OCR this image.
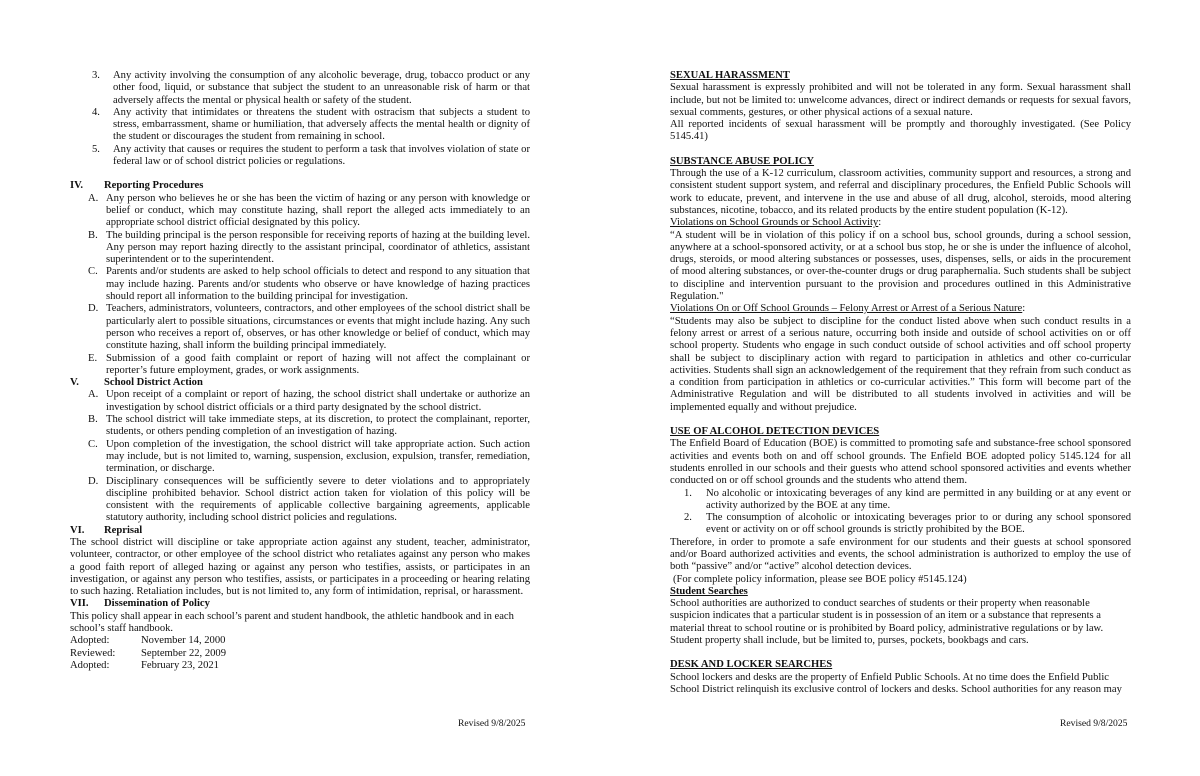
3. Any activity involving the consumption of any alcoholic beverage, drug, tobacco product or any other food, liquid, or substance that subject the student to an unreasonable risk of harm or that adversely affects the mental or physical health or safety of the student.
4. Any activity that intimidates or threatens the student with ostracism that subjects a student to stress, embarrassment, shame or humiliation, that adversely affects the mental health or dignity of the student or discourages the student from remaining in school.
5. Any activity that causes or requires the student to perform a task that involves violation of state or federal law or of school district policies or regulations.
IV. Reporting Procedures
A. Any person who believes he or she has been the victim of hazing or any person with knowledge or belief or conduct, which may constitute hazing, shall report the alleged acts immediately to an appropriate school district official designated by this policy.
B. The building principal is the person responsible for receiving reports of hazing at the building level. Any person may report hazing directly to the assistant principal, coordinator of athletics, assistant superintendent or to the superintendent.
C. Parents and/or students are asked to help school officials to detect and respond to any situation that may include hazing. Parents and/or students who observe or have knowledge of hazing practices should report all information to the building principal for investigation.
D. Teachers, administrators, volunteers, contractors, and other employees of the school district shall be particularly alert to possible situations, circumstances or events that might include hazing. Any such person who receives a report of, observes, or has other knowledge or belief of conduct, which may constitute hazing, shall inform the building principal immediately.
E. Submission of a good faith complaint or report of hazing will not affect the complainant or reporter’s future employment, grades, or work assignments.
V. School District Action
A. Upon receipt of a complaint or report of hazing, the school district shall undertake or authorize an investigation by school district officials or a third party designated by the school district.
B. The school district will take immediate steps, at its discretion, to protect the complainant, reporter, students, or others pending completion of an investigation of hazing.
C. Upon completion of the investigation, the school district will take appropriate action. Such action may include, but is not limited to, warning, suspension, exclusion, expulsion, transfer, remediation, termination, or discharge.
D. Disciplinary consequences will be sufficiently severe to deter violations and to appropriately discipline prohibited behavior. School district action taken for violation of this policy will be consistent with the requirements of applicable collective bargaining agreements, applicable statutory authority, including school district policies and regulations.
VI. Reprisal

The school district will discipline or take appropriate action against any student, teacher, administrator, volunteer, contractor, or other employee of the school district who retaliates against any person who makes a good faith report of alleged hazing or against any person who testifies, assists, or participates in an investigation, or against any person who testifies, assists, or participates in a proceeding or hearing relating to such hazing. Retaliation includes, but is not limited to, any form of intimidation, reprisal, or harassment.

VII. Dissemination of Policy

This policy shall appear in each school’s parent and student handbook, the athletic handbook and in each school’s staff handbook.

Adopted:	November 14, 2000
Reviewed:	September 22, 2009
Adopted:	February 23, 2021
Revised 9/8/2025
SEXUAL HARASSMENT

Sexual harassment is expressly prohibited and will not be tolerated in any form. Sexual harassment shall include, but not be limited to: unwelcome advances, direct or indirect demands or requests for sexual favors, sexual comments, gestures, or other physical actions of a sexual nature.

All reported incidents of sexual harassment will be promptly and thoroughly investigated. (See Policy 5145.41)

SUBSTANCE ABUSE POLICY

Through the use of a K-12 curriculum, classroom activities, community support and resources, a strong and consistent student support system, and referral and disciplinary procedures, the Enfield Public Schools will work to educate, prevent, and intervene in the use and abuse of all drug, alcohol, steroids, mood altering substances, nicotine, tobacco, and its related products by the entire student population (K-12).

Violations on School Grounds or School Activity:

“A student will be in violation of this policy if on a school bus, school grounds, during a school session, anywhere at a school-sponsored activity, or at a school bus stop, he or she is under the influence of alcohol, drugs, steroids, or mood altering substances or possesses, uses, dispenses, sells, or aids in the procurement of mood altering substances, or over-the-counter drugs or drug paraphernalia. Such students shall be subject to discipline and intervention pursuant to the provision and procedures outlined in this Administrative Regulation."

Violations On or Off School Grounds – Felony Arrest or Arrest of a Serious Nature:

“Students may also be subject to discipline for the conduct listed above when such conduct results in a felony arrest or arrest of a serious nature, occurring both inside and outside of school activities on or off school property. Students who engage in such conduct outside of school activities and off school property shall be subject to disciplinary action with regard to participation in athletics and other co-curricular activities. Students shall sign an acknowledgement of the requirement that they refrain from such conduct as a condition from participation in athletics or co-curricular activities.” This form will become part of the Administrative Regulation and will be distributed to all students involved in activities and will be implemented equally and without prejudice.

USE OF ALCOHOL DETECTION DEVICES

The Enfield Board of Education (BOE) is committed to promoting safe and substance-free school sponsored activities and events both on and off school grounds. The Enfield BOE adopted policy 5145.124 for all students enrolled in our schools and their guests who attend school sponsored activities and events whether conducted on or off school grounds and the students who attend them.

1. No alcoholic or intoxicating beverages of any kind are permitted in any building or at any event or activity authorized by the BOE at any time.
2. The consumption of alcoholic or intoxicating beverages prior to or during any school sponsored event or activity on or off school grounds is strictly prohibited by the BOE.

Therefore, in order to promote a safe environment for our students and their guests at school sponsored and/or Board authorized activities and events, the school administration is authorized to employ the use of both “passive” and/or “active” alcohol detection devices.

(For complete policy information, please see BOE policy #5145.124)

Student Searches

School authorities are authorized to conduct searches of students or their property when reasonable suspicion indicates that a particular student is in possession of an item or a substance that represents a material threat to school routine or is prohibited by Board policy, administrative regulations or by law. Student property shall include, but be limited to, purses, pockets, bookbags and cars.

DESK AND LOCKER SEARCHES

School lockers and desks are the property of Enfield Public Schools. At no time does the Enfield Public School District relinquish its exclusive control of lockers and desks. School authorities for any reason may

Revised 9/8/2025
